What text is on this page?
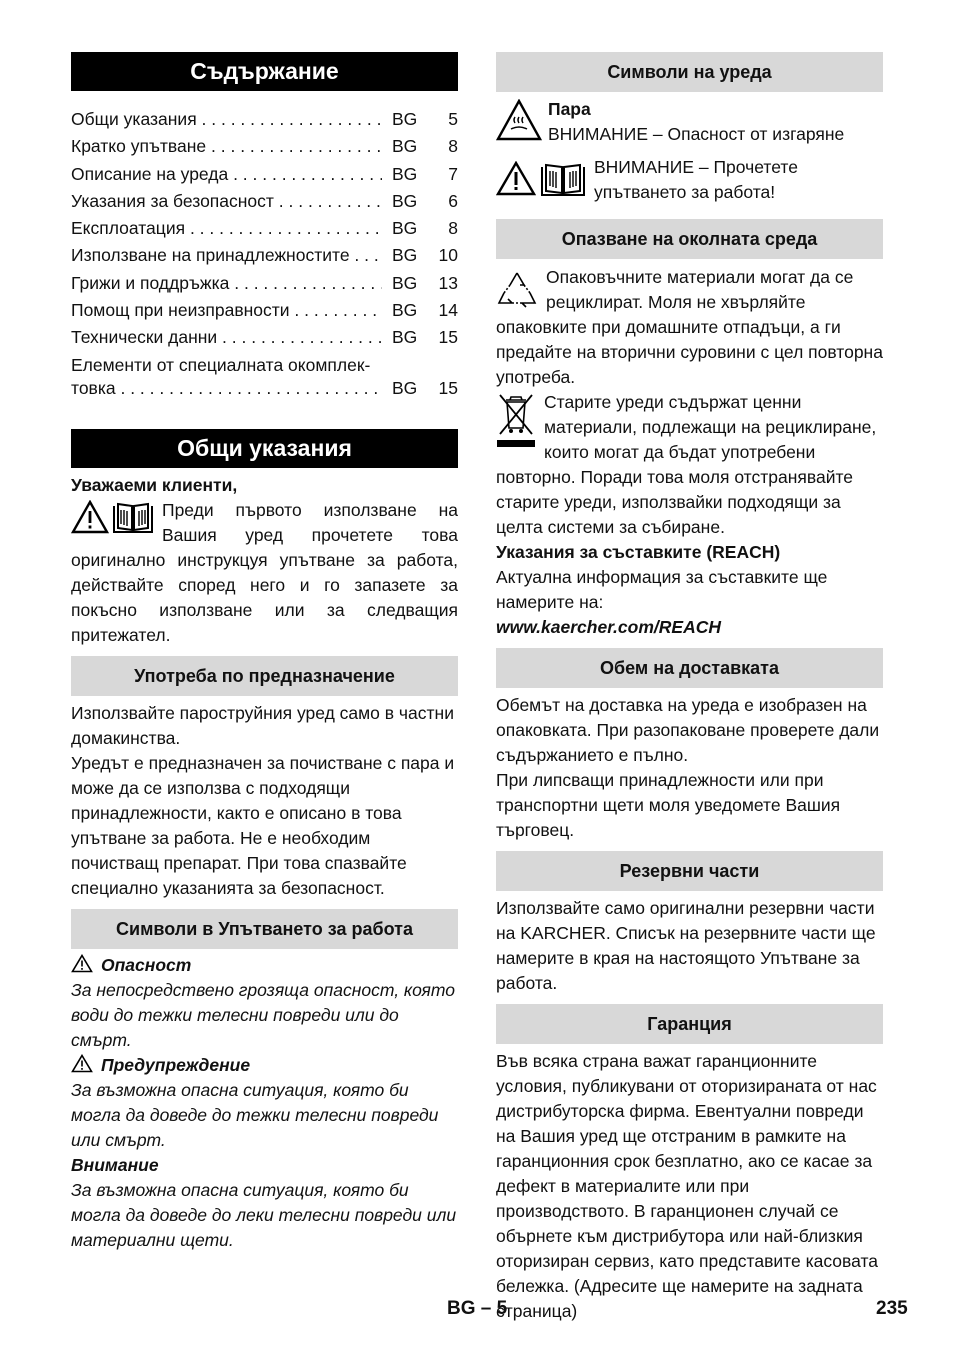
Съдържание
Общи указания . . .	BG	5
Кратко упътване . . .	BG	8
Описание на уреда . . .	BG	7
Указания за безопасност . . .	BG	6
Експлоатация . . .	BG	8
Използване на принадлежностите . . .	BG	10
Грижи и поддръжка . . .	BG	13
Помощ при неизправности . . .	BG	14
Технически данни . . .	BG	15
Елементи от специалната окомплек-
товка . . .	BG	15
Общи указания

Уважаеми клиенти,

Преди първото използване на Вашия уред прочетете това оригинално инструкцуя упътване за работа, действайте според него и го запазете за покъсно използване или за следващия притежател.

Употреба по предназначение

Използвайте пароструйния уред само в частни домакинства.

Уредът е предназначен за почистване с пара и може да се използва с подходящи принадлежности, както е описано в това упътване за работа. Не е необходим почистващ препарат. При това спазвайте специално указанията за безопасност.

Символи в Упътването за работа

Опасност

За непосредствено грозяща опасност, която води до тежки телесни повреди или до смърт.

Предупреждение

За възможна опасна ситуация, която би могла да доведе до тежки телесни повреди или смърт.

Внимание

За възможна опасна ситуация, която би могла да доведе до леки телесни повреди или материални щети.

Символи на уреда

Пара

ВНИМАНИЕ – Опасност от изгаряне

ВНИМАНИЕ – Прочетете упътването за работа!

Опазване на околната среда

Опаковъчните материали могат да се рециклират. Моля не хвърляйте опаковките при домашните отпадъци, а ги предайте на вторични суровини с цел повторна употреба.

Старите уреди съдържат ценни материали, подлежащи на рециклиране, които могат да бъдат употребени повторно. Поради това моля отстранявайте старите уреди, използвайки подходящи за целта системи за събиране.

Указания за съставките (REACH)

Актуална информация за съставките ще намерите на:

www.kaercher.com/REACH

Обем на доставката

Обемът на доставка на уреда е изобразен на опаковката. При разопаковане проверете дали съдържанието е пълно.

При липсващи принадлежности или при транспортни щети моля уведомете Вашия търговец.

Резервни части

Използвайте само оригинални резервни части на KARCHER. Списък на резервните части ще намерите в края на настоящото Упътване за работа.

Гаранция

Във всяка страна важат гаранционните условия, публикувани от оторизираната от нас дистрибуторска фирма. Евентуални повреди на Вашия уред ще отстраним в рамките на гаранционния срок безплатно, ако се касае за дефект в материалите или при производството. В гаранционен случай се обърнете към дистрибутора или най-близкия оторизиран сервиз, като представите касовата бележка. (Адресите ще намерите на задната страница)

BG – 5	235
